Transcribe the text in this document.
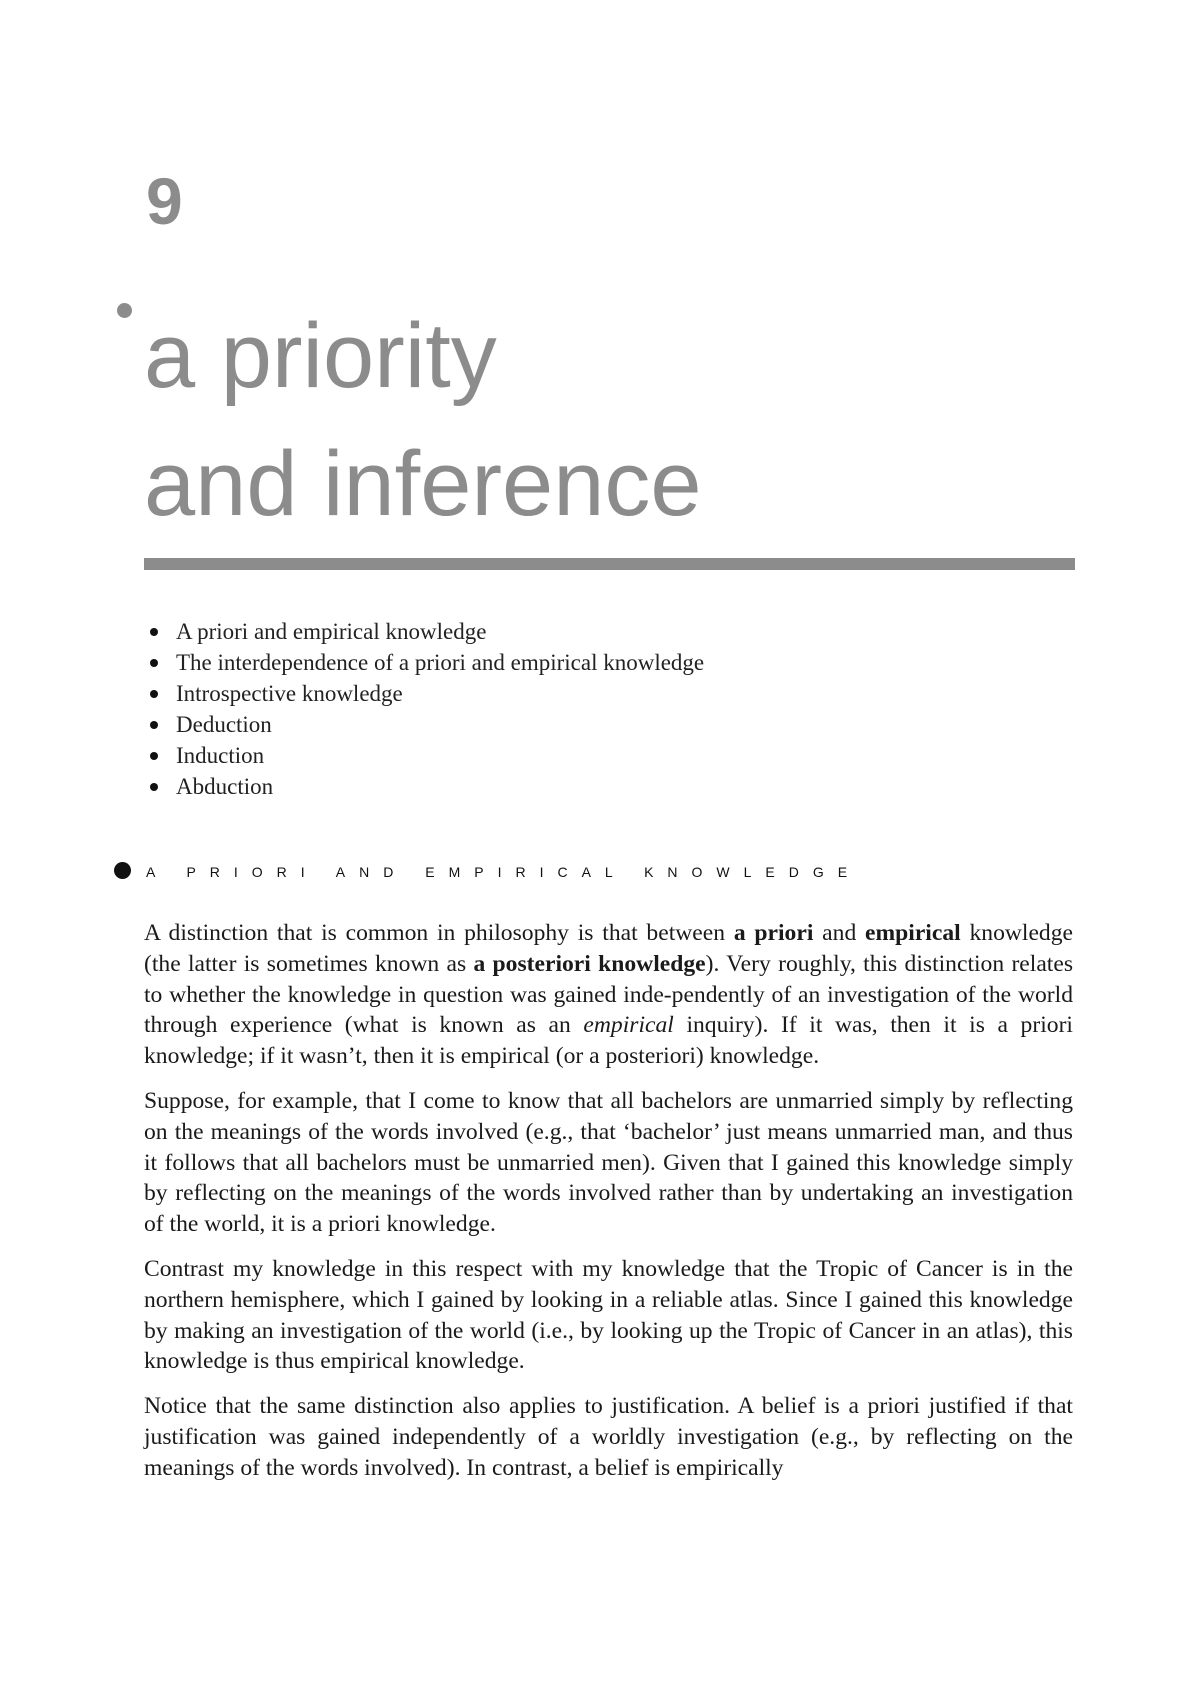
9
a priority
and inference
A priori and empirical knowledge
The interdependence of a priori and empirical knowledge
Introspective knowledge
Deduction
Induction
Abduction
A PRIORI AND EMPIRICAL KNOWLEDGE

A distinction that is common in philosophy is that between a priori and empirical knowledge (the latter is sometimes known as a posteriori knowledge). Very roughly, this distinction relates to whether the knowledge in question was gained inde-pendently of an investigation of the world through experience (what is known as an empirical inquiry). If it was, then it is a priori knowledge; if it wasn’t, then it is empirical (or a posteriori) knowledge.

Suppose, for example, that I come to know that all bachelors are unmarried simply by reflecting on the meanings of the words involved (e.g., that ‘bachelor’ just means unmarried man, and thus it follows that all bachelors must be unmarried men). Given that I gained this knowledge simply by reflecting on the meanings of the words involved rather than by undertaking an investigation of the world, it is a priori knowledge.

Contrast my knowledge in this respect with my knowledge that the Tropic of Cancer is in the northern hemisphere, which I gained by looking in a reliable atlas. Since I gained this knowledge by making an investigation of the world (i.e., by looking up the Tropic of Cancer in an atlas), this knowledge is thus empirical knowledge.

Notice that the same distinction also applies to justification. A belief is a priori justified if that justification was gained independently of a worldly investigation (e.g., by reflecting on the meanings of the words involved). In contrast, a belief is empirically
